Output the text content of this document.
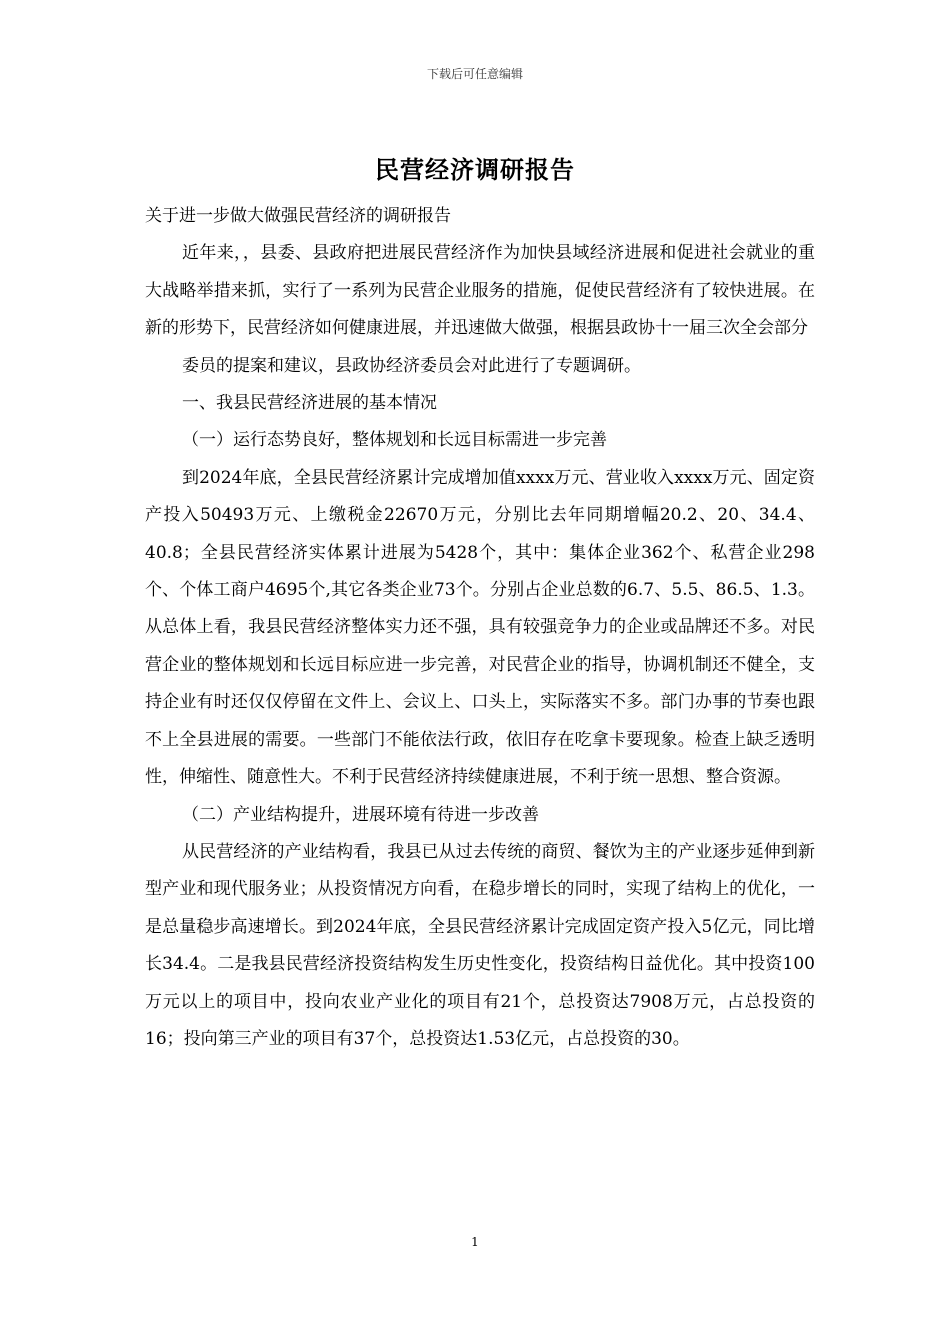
下载后可任意编辑
民营经济调研报告

关于进一步做大做强民营经济的调研报告

近年来，，县委、县政府把进展民营经济作为加快县域经济进展和促进社会就业的重大战略举措来抓，实行了一系列为民营企业服务的措施，促使民营经济有了较快进展。在新的形势下，民营经济如何健康进展，并迅速做大做强，根据县政协十一届三次全会部分

委员的提案和建议，县政协经济委员会对此进行了专题调研。

一、我县民营经济进展的基本情况

（一）运行态势良好，整体规划和长远目标需进一步完善

到2024年底，全县民营经济累计完成增加值xxxx万元、营业收入xxxx万元、固定资产投入50493万元、上缴税金22670万元，分别比去年同期增幅20.2、20、34.4、40.8；全县民营经济实体累计进展为5428个，其中：集体企业362个、私营企业298个、个体工商户4695个,其它各类企业73个。分别占企业总数的6.7、5.5、86.5、1.3。从总体上看，我县民营经济整体实力还不强，具有较强竞争力的企业或品牌还不多。对民营企业的整体规划和长远目标应进一步完善，对民营企业的指导，协调机制还不健全，支持企业有时还仅仅停留在文件上、会议上、口头上，实际落实不多。部门办事的节奏也跟不上全县进展的需要。一些部门不能依法行政，依旧存在吃拿卡要现象。检查上缺乏透明性，伸缩性、随意性大。不利于民营经济持续健康进展，不利于统一思想、整合资源。

（二）产业结构提升，进展环境有待进一步改善

从民营经济的产业结构看，我县已从过去传统的商贸、餐饮为主的产业逐步延伸到新型产业和现代服务业；从投资情况方向看，在稳步增长的同时，实现了结构上的优化，一是总量稳步高速增长。到2024年底，全县民营经济累计完成固定资产投入5亿元，同比增长34.4。二是我县民营经济投资结构发生历史性变化，投资结构日益优化。其中投资100万元以上的项目中，投向农业产业化的项目有21个，总投资达7908万元，占总投资的16；投向第三产业的项目有37个，总投资达1.53亿元，占总投资的30。

1
